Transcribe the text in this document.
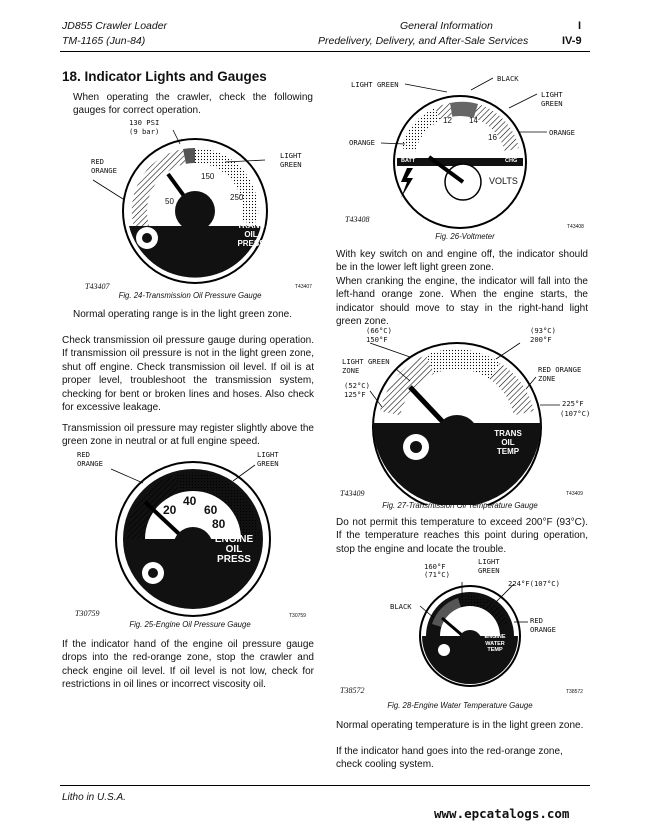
JD855 Crawler Loader
TM-1165 (Jun-84)
General Information
Predelivery, Delivery, and After-Sale Services
I
IV-9
18. Indicator Lights and Gauges
When operating the crawler, check the following gauges for correct operation.
130 PSI
(9 bar)
RED ORANGE
LIGHT GREEN
50
150
250
TRANS OIL PRESS
T43407	T43407
Fig. 24-Transmission Oil Pressure Gauge
Normal operating range is in the light green zone.
Check transmission oil pressure gauge during operation. If transmission oil pressure is not in the light green zone, shut off engine. Check transmission oil level. If oil is at proper level, troubleshoot the transmission system, checking for bent or broken lines and hoses. Also check for excessive leakage.
Transmission oil pressure may register slightly above the green zone in neutral or at full engine speed.
RED ORANGE
LIGHT GREEN
20
40
60
80
ENGINE OIL PRESS
T30759	T30759
Fig. 25-Engine Oil Pressure Gauge
If the indicator hand of the engine oil pressure gauge drops into the red-orange zone, stop the crawler and check engine oil level. If oil level is not low, check for restrictions in oil lines or incorrect viscosity oil.
LIGHT GREEN
BLACK
LIGHT GREEN
ORANGE
ORANGE
12 14
16
BATT	CHG
VOLTS
T43408
T43408
Fig. 26-Voltmeter
With key switch on and engine off, the indicator should be in the lower left light green zone.
When cranking the engine, the indicator will fall into the left-hand orange zone. When the engine starts, the indicator should move to stay in the right-hand light green zone.
(66°C)
150°F
(93°C)
200°F
LIGHT GREEN ZONE	RED ORANGE ZONE
(52°C)
125°F
225°F
(107°C)
TRANS OIL TEMP
T43409	T43409
Fig. 27-Transmission Oil Temperature Gauge
Do not permit this temperature to exceed 200°F (93°C). If the temperature reaches this point during operation, stop the engine and locate the trouble.
160°F
(71°C)
LIGHT GREEN
224°F(107°C)
BLACK
RED ORANGE
ENGINE WATER TEMP
T38572	T38572
Fig. 28-Engine Water Temperature Gauge
Normal operating temperature is in the light green zone.
If the indicator hand goes into the red-orange zone, check cooling system.
Litho in U.S.A.
www.epcatalogs.com
